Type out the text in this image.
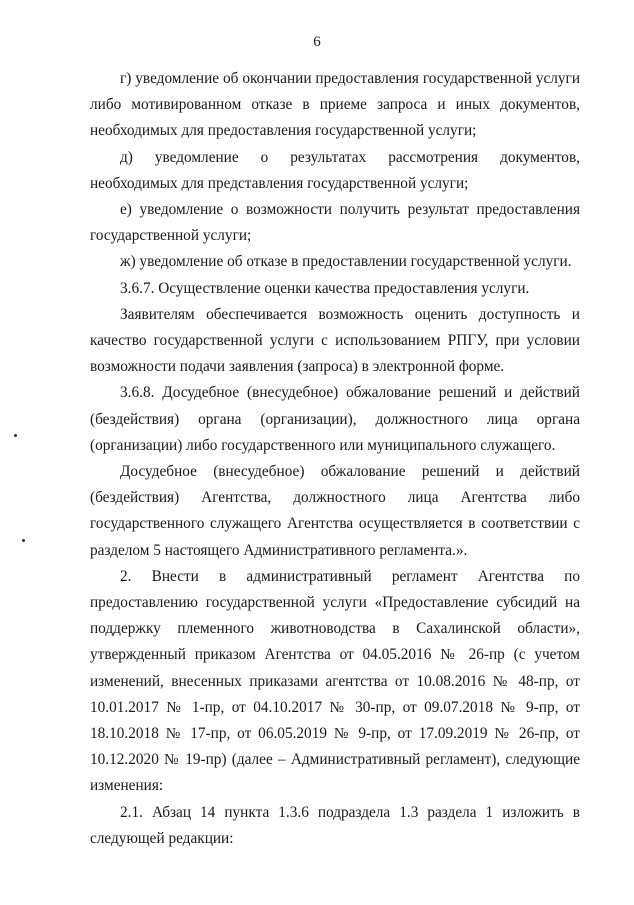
6

г) уведомление об окончании предоставления государственной услуги либо мотивированном отказе в приеме запроса и иных документов, необходимых для предоставления государственной услуги;

д) уведомление о результатах рассмотрения документов, необходимых для представления государственной услуги;

е) уведомление о возможности получить результат предоставления государственной услуги;

ж) уведомление об отказе в предоставлении государственной услуги.

3.6.7. Осуществление оценки качества предоставления услуги.

Заявителям обеспечивается возможность оценить доступность и качество государственной услуги с использованием РПГУ, при условии возможности подачи заявления (запроса) в электронной форме.

3.6.8. Досудебное (внесудебное) обжалование решений и действий (бездействия) органа (организации), должностного лица органа (организации) либо государственного или муниципального служащего.

Досудебное (внесудебное) обжалование решений и действий (бездействия) Агентства, должностного лица Агентства либо государственного служащего Агентства осуществляется в соответствии с разделом 5 настоящего Административного регламента.».

2. Внести в административный регламент Агентства по предоставлению государственной услуги «Предоставление субсидий на поддержку племенного животноводства в Сахалинской области», утвержденный приказом Агентства от 04.05.2016 № 26-пр (с учетом изменений, внесенных приказами агентства от 10.08.2016 № 48-пр, от 10.01.2017 № 1-пр, от 04.10.2017 № 30-пр, от 09.07.2018 № 9-пр, от 18.10.2018 № 17-пр, от 06.05.2019 № 9-пр, от 17.09.2019 № 26-пр, от 10.12.2020 № 19-пр) (далее – Административный регламент), следующие изменения:

2.1. Абзац 14 пункта 1.3.6 подраздела 1.3 раздела 1 изложить в следующей редакции:
